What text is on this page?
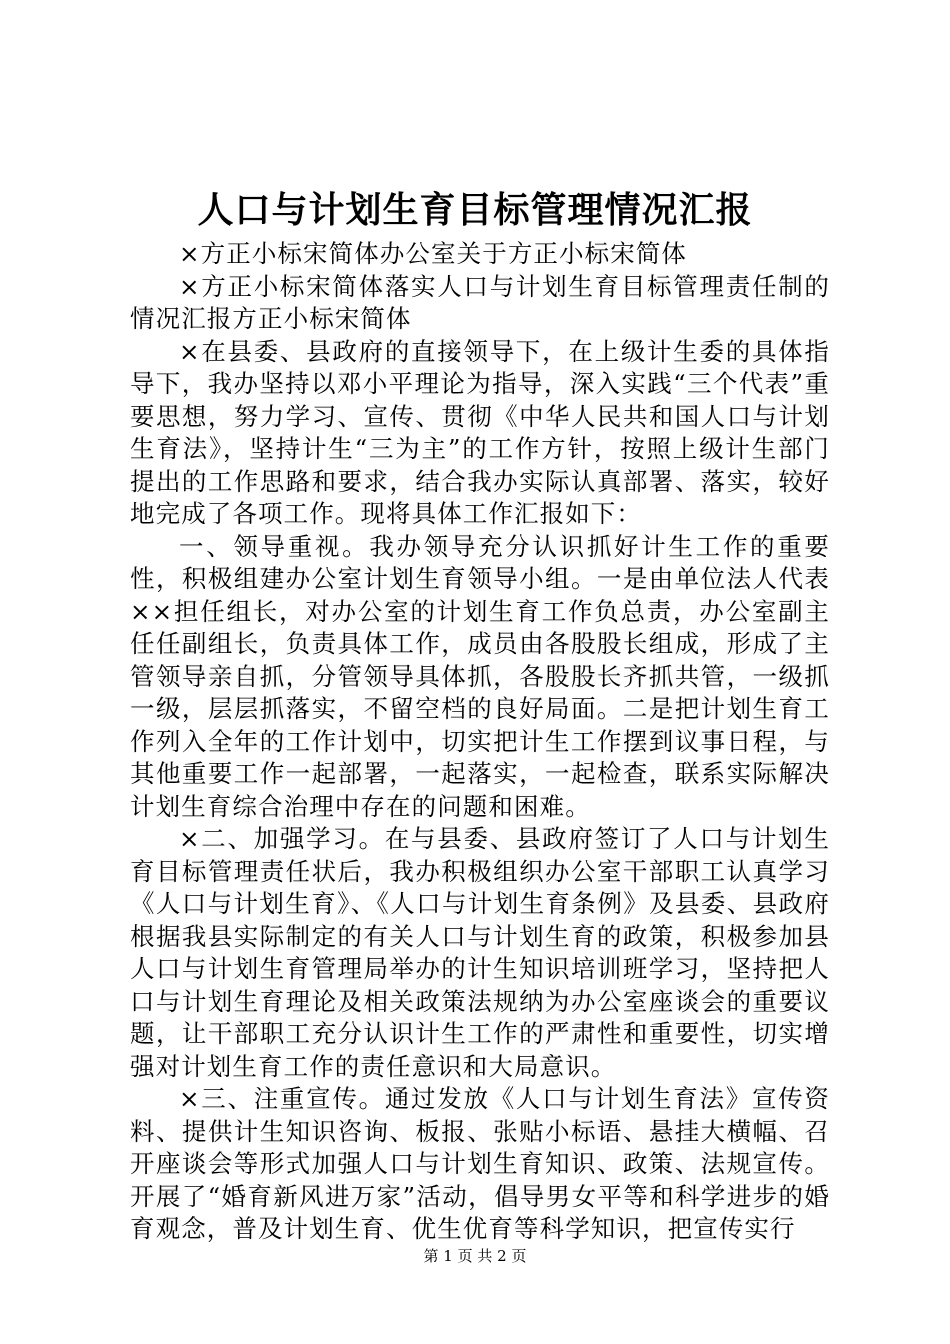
人口与计划生育目标管理情况汇报

×方正小标宋简体办公室关于方正小标宋简体

×方正小标宋简体落实人口与计划生育目标管理责任制的情况汇报方正小标宋简体

×在县委、县政府的直接领导下，在上级计生委的具体指导下，我办坚持以邓小平理论为指导，深入实践“三个代表”重要思想，努力学习、宣传、贯彻《中华人民共和国人口与计划生育法》，坚持计生“三为主”的工作方针，按照上级计生部门提出的工作思路和要求，结合我办实际认真部署、落实，较好地完成了各项工作。现将具体工作汇报如下：

一、领导重视。我办领导充分认识抓好计生工作的重要性，积极组建办公室计划生育领导小组。一是由单位法人代表××担任组长，对办公室的计划生育工作负总责，办公室副主任任副组长，负责具体工作，成员由各股股长组成，形成了主管领导亲自抓，分管领导具体抓，各股股长齐抓共管，一级抓一级，层层抓落实，不留空档的良好局面。二是把计划生育工作列入全年的工作计划中，切实把计生工作摆到议事日程，与其他重要工作一起部署，一起落实，一起检查，联系实际解决计划生育综合治理中存在的问题和困难。

×二、加强学习。在与县委、县政府签订了人口与计划生育目标管理责任状后，我办积极组织办公室干部职工认真学习《人口与计划生育》、《人口与计划生育条例》及县委、县政府根据我县实际制定的有关人口与计划生育的政策，积极参加县人口与计划生育管理局举办的计生知识培训班学习，坚持把人口与计划生育理论及相关政策法规纳为办公室座谈会的重要议题，让干部职工充分认识计生工作的严肃性和重要性，切实增强对计划生育工作的责任意识和大局意识。

×三、注重宣传。通过发放《人口与计划生育法》宣传资料、提供计生知识咨询、板报、张贴小标语、悬挂大横幅、召开座谈会等形式加强人口与计划生育知识、政策、法规宣传。开展了“婚育新风进万家”活动，倡导男女平等和科学进步的婚育观念，普及计划生育、优生优育等科学知识，把宣传实行

第 1 页 共 2 页
